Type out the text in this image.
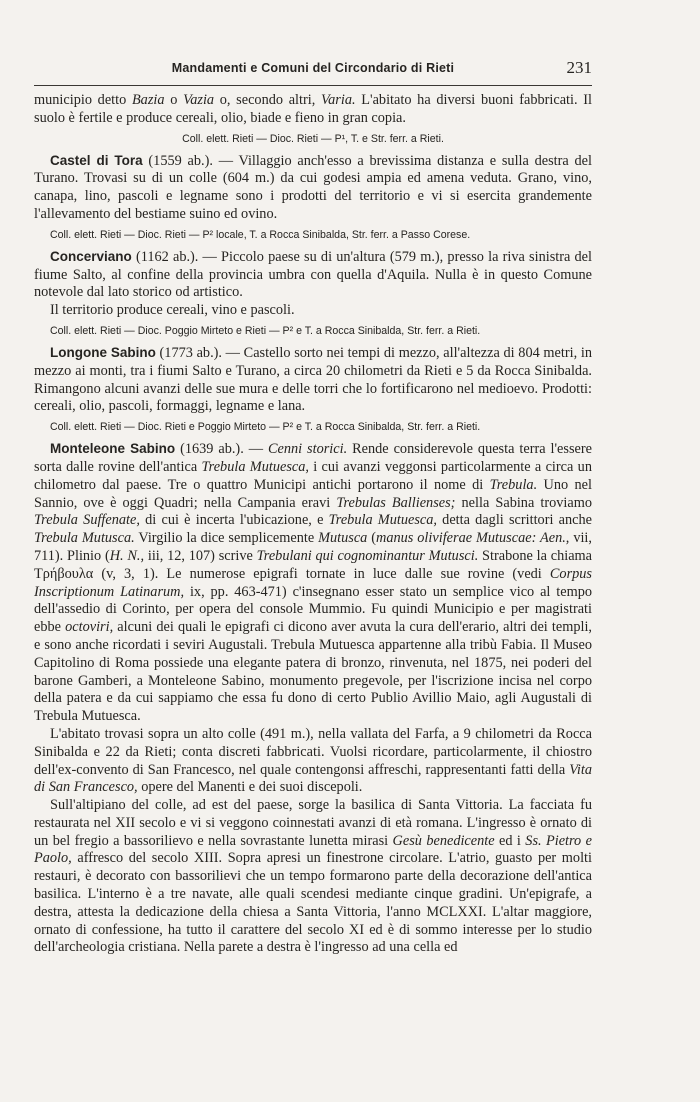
Mandamenti e Comuni del Circondario di Rieti	231

municipio detto Bazia o Vazia o, secondo altri, Varia. L'abitato ha diversi buoni fabbricati. Il suolo è fertile e produce cereali, olio, biade e fieno in gran copia.

Coll. elett. Rieti — Dioc. Rieti — P¹, T. e Str. ferr. a Rieti.

Castel di Tora (1559 ab.). — Villaggio anch'esso a brevissima distanza e sulla destra del Turano. Trovasi su di un colle (604 m.) da cui godesi ampia ed amena veduta. Grano, vino, canapa, lino, pascoli e legname sono i prodotti del territorio e vi si esercita grandemente l'allevamento del bestiame suino ed ovino.

Coll. elett. Rieti — Dioc. Rieti — P² locale, T. a Rocca Sinibalda, Str. ferr. a Passo Corese.

Concerviano (1162 ab.). — Piccolo paese su di un'altura (579 m.), presso la riva sinistra del fiume Salto, al confine della provincia umbra con quella d'Aquila. Nulla è in questo Comune notevole dal lato storico od artistico.

Il territorio produce cereali, vino e pascoli.

Coll. elett. Rieti — Dioc. Poggio Mirteto e Rieti — P² e T. a Rocca Sinibalda, Str. ferr. a Rieti.

Longone Sabino (1773 ab.). — Castello sorto nei tempi di mezzo, all'altezza di 804 metri, in mezzo ai monti, tra i fiumi Salto e Turano, a circa 20 chilometri da Rieti e 5 da Rocca Sinibalda. Rimangono alcuni avanzi delle sue mura e delle torri che lo fortificarono nel medioevo. Prodotti: cereali, olio, pascoli, formaggi, legname e lana.

Coll. elett. Rieti — Dioc. Rieti e Poggio Mirteto — P² e T. a Rocca Sinibalda, Str. ferr. a Rieti.

Monteleone Sabino (1639 ab.). — Cenni storici. Rende considerevole questa terra l'essere sorta dalle rovine dell'antica Trebula Mutuesca, i cui avanzi veggonsi particolarmente a circa un chilometro dal paese. Tre o quattro Municipi antichi portarono il nome di Trebula. Uno nel Sannio, ove è oggi Quadri; nella Campania eravi Trebulas Ballienses; nella Sabina troviamo Trebula Suffenate, di cui è incerta l'ubicazione, e Trebula Mutuesca, detta dagli scrittori anche Trebula Mutusca. Virgilio la dice semplicemente Mutusca (manus oliviferae Mutuscae: Aen., vii, 711). Plinio (H. N., iii, 12, 107) scrive Trebulani qui cognominantur Mutusci. Strabone la chiama Τρήβουλα (v, 3, 1). Le numerose epigrafi tornate in luce dalle sue rovine (vedi Corpus Inscriptionum Latinarum, ix, pp. 463-471) c'insegnano esser stato un semplice vico al tempo dell'assedio di Corinto, per opera del console Mummio. Fu quindi Municipio e per magistrati ebbe octoviri, alcuni dei quali le epigrafi ci dicono aver avuta la cura dell'erario, altri dei templi, e sono anche ricordati i seviri Augustali. Trebula Mutuesca appartenne alla tribù Fabia. Il Museo Capitolino di Roma possiede una elegante patera di bronzo, rinvenuta, nel 1875, nei poderi del barone Gamberi, a Monteleone Sabino, monumento pregevole, per l'iscrizione incisa nel corpo della patera e da cui sappiamo che essa fu dono di certo Publio Avillio Maio, agli Augustali di Trebula Mutuesca.

L'abitato trovasi sopra un alto colle (491 m.), nella vallata del Farfa, a 9 chilometri da Rocca Sinibalda e 22 da Rieti; conta discreti fabbricati. Vuolsi ricordare, particolarmente, il chiostro dell'ex-convento di San Francesco, nel quale contengonsi affreschi, rappresentanti fatti della Vita di San Francesco, opere del Manenti e dei suoi discepoli.

Sull'altipiano del colle, ad est del paese, sorge la basilica di Santa Vittoria. La facciata fu restaurata nel XII secolo e vi si veggono coinnestati avanzi di età romana. L'ingresso è ornato di un bel fregio a bassorilievo e nella sovrastante lunetta mirasi Gesù benedicente ed i Ss. Pietro e Paolo, affresco del secolo XIII. Sopra apresi un finestrone circolare. L'atrio, guasto per molti restauri, è decorato con bassorilievi che un tempo formarono parte della decorazione dell'antica basilica. L'interno è a tre navate, alle quali scendesi mediante cinque gradini. Un'epigrafe, a destra, attesta la dedicazione della chiesa a Santa Vittoria, l'anno MCLXXI. L'altar maggiore, ornato di confessione, ha tutto il carattere del secolo XI ed è di sommo interesse per lo studio dell'archeologia cristiana. Nella parete a destra è l'ingresso ad una cella ed
